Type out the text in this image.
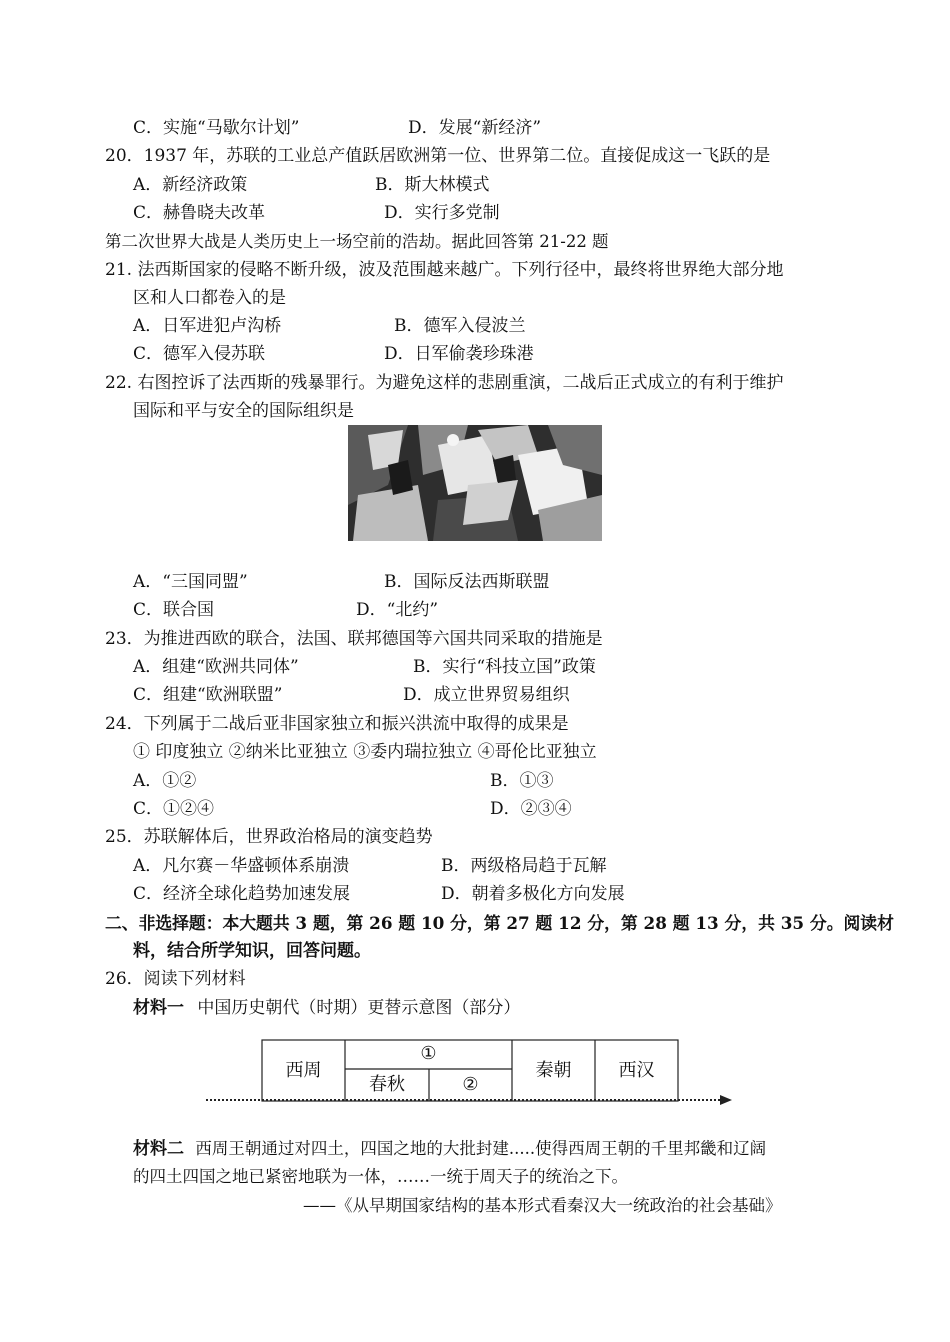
C．实施“马歇尔计划”	D．发展“新经济”
20．1937 年，苏联的工业总产值跃居欧洲第一位、世界第二位。直接促成这一飞跃的是
A．新经济政策	B．斯大林模式
C．赫鲁晓夫改革	D．实行多党制
第二次世界大战是人类历史上一场空前的浩劫。据此回答第 21-22 题
21. 法西斯国家的侵略不断升级，波及范围越来越广。下列行径中，最终将世界绝大部分地
区和人口都卷入的是
A．日军进犯卢沟桥	B．德军入侵波兰
C．德军入侵苏联	D．日军偷袭珍珠港
22. 右图控诉了法西斯的残暴罪行。为避免这样的悲剧重演，二战后正式成立的有利于维护
国际和平与安全的国际组织是
A．“三国同盟”	B．国际反法西斯联盟
C．联合国	D．“北约”
23．为推进西欧的联合，法国、联邦德国等六国共同采取的措施是
A．组建“欧洲共同体”	B．实行“科技立国”政策
C．组建“欧洲联盟”	D．成立世界贸易组织
24．下列属于二战后亚非国家独立和振兴洪流中取得的成果是
① 印度独立 ②纳米比亚独立 ③委内瑞拉独立 ④哥伦比亚独立
A．①②	B．①③
C．①②④	D．②③④
25．苏联解体后，世界政治格局的演变趋势
A．凡尔赛－华盛顿体系崩溃	B．两级格局趋于瓦解
C．经济全球化趋势加速发展	D．朝着多极化方向发展
二、非选择题：本大题共 3 题，第 26 题 10 分，第 27 题 12 分，第 28 题 13 分，共 35 分。阅读材
料，结合所学知识，回答问题。
26．阅读下列材料
材料一 中国历史朝代（时期）更替示意图（部分）
西周
①
春秋	②
秦朝	西汉
材料二 西周王朝通过对四土，四国之地的大批封建.....使得西周王朝的千里邦畿和辽阔
的四土四国之地已紧密地联为一体，……一统于周天子的统治之下。
——《从早期国家结构的基本形式看秦汉大一统政治的社会基础》
